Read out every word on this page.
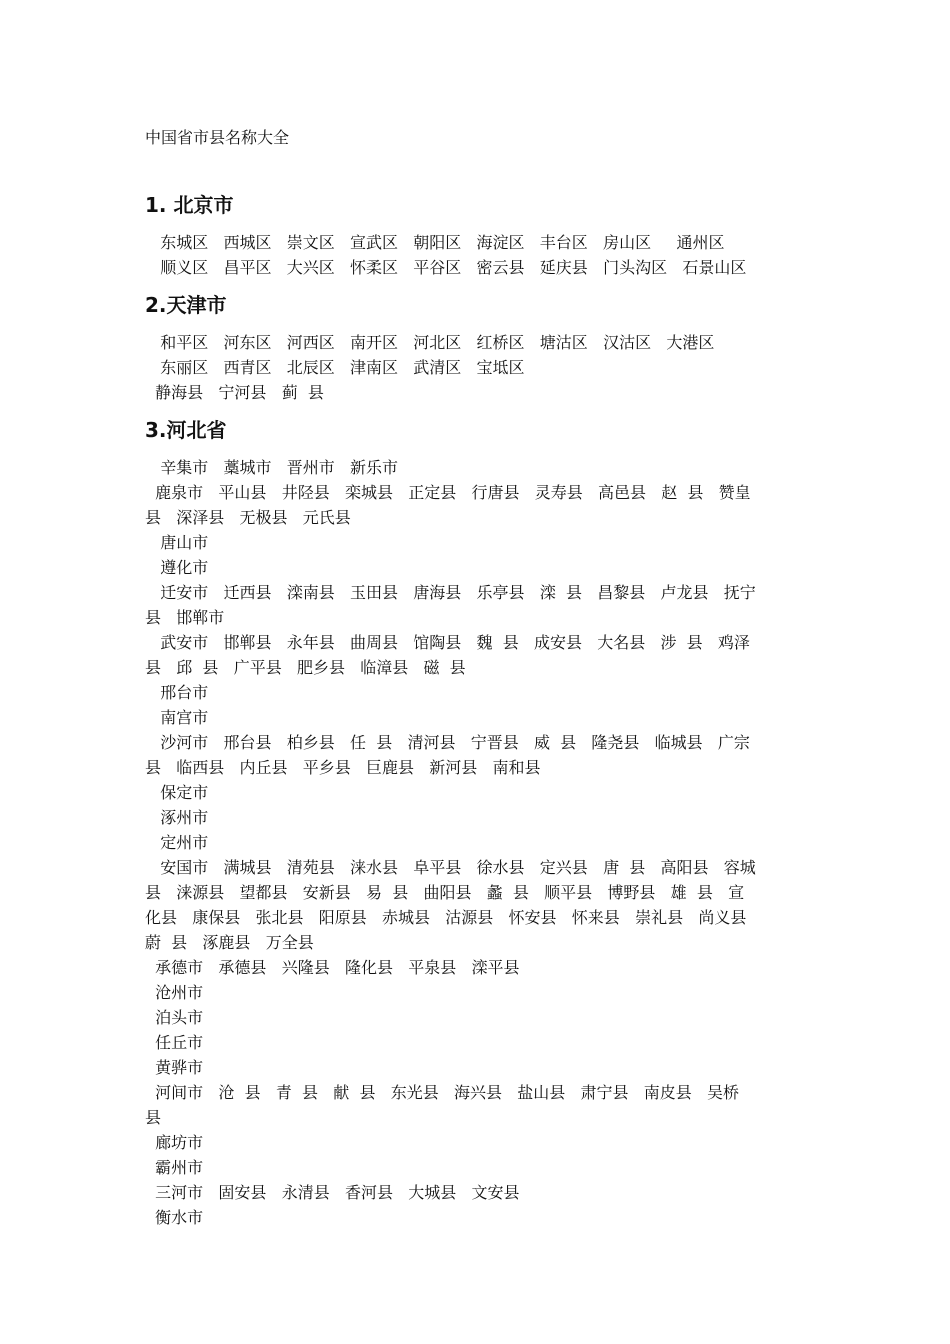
中国省市县名称大全
1. 北京市
东城区   西城区   崇文区   宣武区   朝阳区   海淀区   丰台区   房山区     通州区
顺义区   昌平区   大兴区   怀柔区   平谷区   密云县   延庆县   门头沟区   石景山区
2.天津市
和平区   河东区   河西区   南开区   河北区   红桥区   塘沽区   汉沽区   大港区
东丽区   西青区   北辰区   津南区   武清区   宝坻区
静海县   宁河县   蓟  县
3.河北省
辛集市   藁城市   晋州市   新乐市
鹿泉市   平山县   井陉县   栾城县   正定县   行唐县   灵寿县   高邑县   赵  县   赞皇
县   深泽县   无极县   元氏县
唐山市
遵化市
迁安市   迁西县   滦南县   玉田县   唐海县   乐亭县   滦  县   昌黎县   卢龙县   抚宁
县   邯郸市
武安市   邯郸县   永年县   曲周县   馆陶县   魏  县   成安县   大名县   涉  县   鸡泽
县   邱  县   广平县   肥乡县   临漳县   磁  县
邢台市
南宫市
沙河市   邢台县   柏乡县   任  县   清河县   宁晋县   威  县   隆尧县   临城县   广宗
县   临西县   内丘县   平乡县   巨鹿县   新河县   南和县
保定市
涿州市
定州市
安国市   满城县   清苑县   涞水县   阜平县   徐水县   定兴县   唐  县   高阳县   容城
县   涞源县   望都县   安新县   易  县   曲阳县   蠡  县   顺平县   博野县   雄  县   宣
化县   康保县   张北县   阳原县   赤城县   沽源县   怀安县   怀来县   崇礼县   尚义县
蔚  县   涿鹿县   万全县
承德市   承德县   兴隆县   隆化县   平泉县   滦平县
沧州市
泊头市
任丘市
黄骅市
河间市   沧  县   青  县   献  县   东光县   海兴县   盐山县   肃宁县   南皮县   吴桥
县
廊坊市
霸州市
三河市   固安县   永清县   香河县   大城县   文安县
衡水市
